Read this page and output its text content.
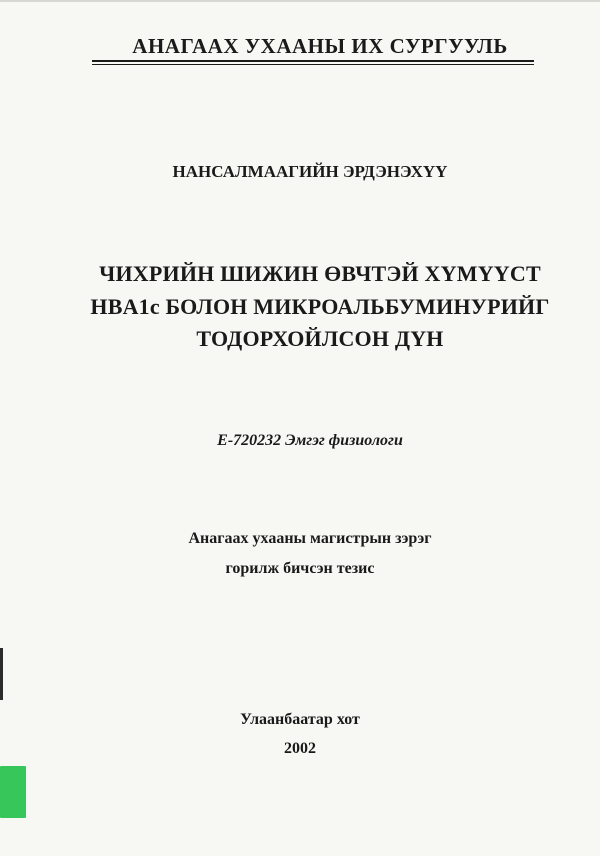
АНАГААХ УХААНЫ ИХ СУРГУУЛЬ
НАНСАЛМААГИЙН ЭРДЭНЭХҮҮ
ЧИХРИЙН ШИЖИН ӨВЧТЭЙ ХҮМҮҮСТ
HBA1c БОЛОН МИКРОАЛЬБУМИНУРИЙГ
ТОДОРХОЙЛСОН ДҮН
Е-720232 Эмгэг физиологи
Анагаах ухааны магистрын зэрэг
горилж бичсэн тезис
Улаанбаатар хот
2002
